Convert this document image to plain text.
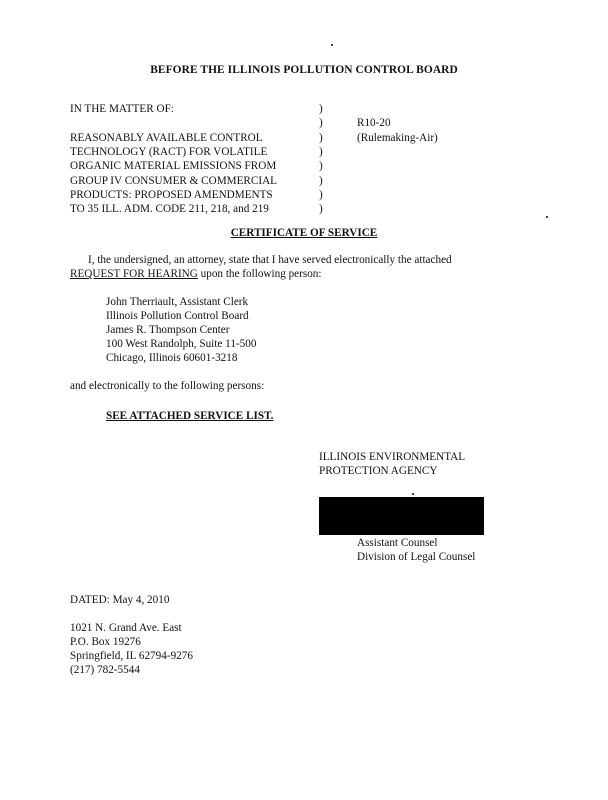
BEFORE THE ILLINOIS POLLUTION CONTROL BOARD
IN THE MATTER OF:
REASONABLY AVAILABLE CONTROL
TECHNOLOGY (RACT) FOR VOLATILE
ORGANIC MATERIAL EMISSIONS FROM
GROUP IV CONSUMER & COMMERCIAL
PRODUCTS: PROPOSED AMENDMENTS
TO 35 ILL. ADM. CODE 211, 218, and 219
)
)
)
)
)
)
)
)
R10-20
(Rulemaking-Air)
CERTIFICATE OF SERVICE
I, the undersigned, an attorney, state that I have served electronically the attached
REQUEST FOR HEARING upon the following person:
John Therriault, Assistant Clerk
Illinois Pollution Control Board
James R. Thompson Center
100 West Randolph, Suite 11-500
Chicago, Illinois 60601-3218
and electronically to the following persons:
SEE ATTACHED SERVICE LIST.
ILLINOIS ENVIRONMENTAL
PROTECTION AGENCY
Assistant Counsel
Division of Legal Counsel
DATED: May 4, 2010
1021 N. Grand Ave. East
P.O. Box 19276
Springfield, IL 62794-9276
(217) 782-5544
